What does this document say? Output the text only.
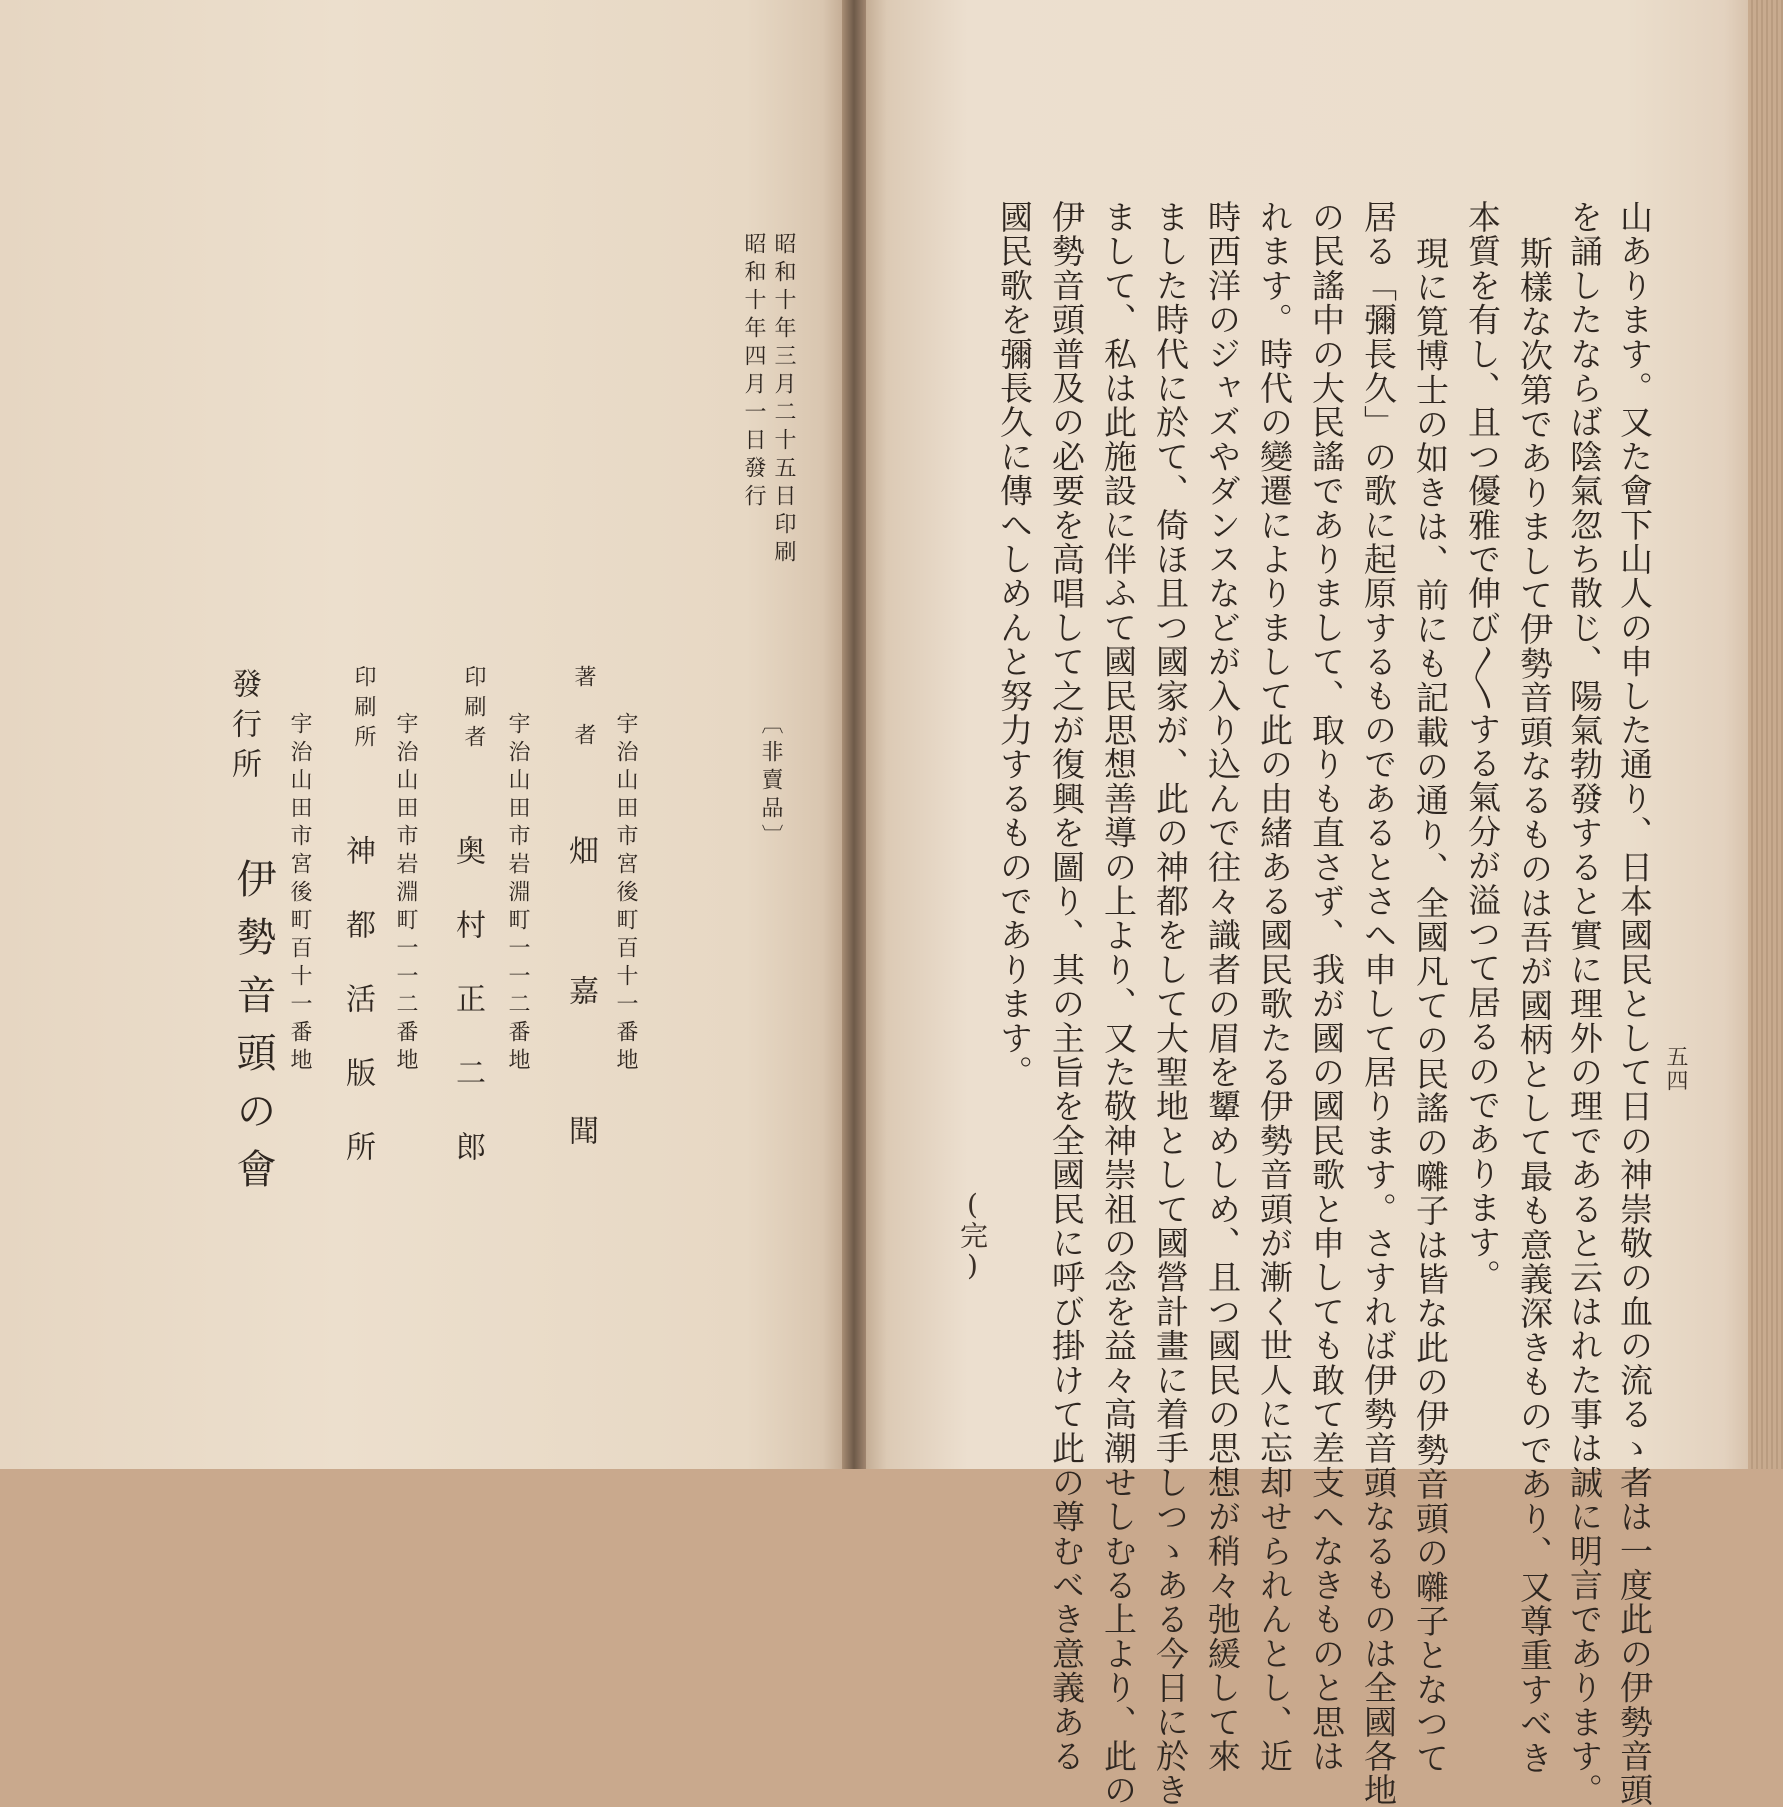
山あります。又た會下山人の申した通り、日本國民として日の神崇敬の血の流るゝ者は一度此の伊勢音頭
を誦したならば陰氣忽ち散じ、陽氣勃發すると實に理外の理であると云はれた事は誠に明言であります。
斯樣な次第でありまして伊勢音頭なるものは吾が國柄として最も意義深きものであり、又尊重すべき
本質を有し、且つ優雅で伸び〳〵する氣分が溢つて居るのであります。
現に筧博士の如きは、前にも記載の通り、全國凡ての民謠の囃子は皆な此の伊勢音頭の囃子となつて
居る「彌長久」の歌に起原するものであるとさへ申して居ります。さすれば伊勢音頭なるものは全國各地
の民謠中の大民謠でありまして、取りも直さず、我が國の國民歌と申しても敢て差支へなきものと思は
れます。時代の變遷によりまして此の由緒ある國民歌たる伊勢音頭が漸く世人に忘却せられんとし、近
時西洋のジャズやダンスなどが入り込んで往々識者の眉を顰めしめ、且つ國民の思想が稍々弛緩して來
ました時代に於て、倚ほ且つ國家が、此の神都をして大聖地として國營計畫に着手しつゝある今日に於き
まして、私は此施設に伴ふて國民思想善導の上より、又た敬神崇祖の念を益々高潮せしむる上より、此の
伊勢音頭普及の必要を高唱して之が復興を圖り、其の主旨を全國民に呼び掛けて此の尊むべき意義ある
國民歌を彌長久に傳へしめんと努力するものであります。
(完)
五四
昭和十年三月二十五日印刷
昭和十年四月一日發行
〔非賣品〕
宇治山田市宮後町百十一番地
著者
畑嘉聞
宇治山田市岩淵町一一二番地
印刷者
奥村正二郎
宇治山田市岩淵町一一二番地
印刷所
神都活版所
宇治山田市宮後町百十一番地
發行所
伊勢音頭の會
